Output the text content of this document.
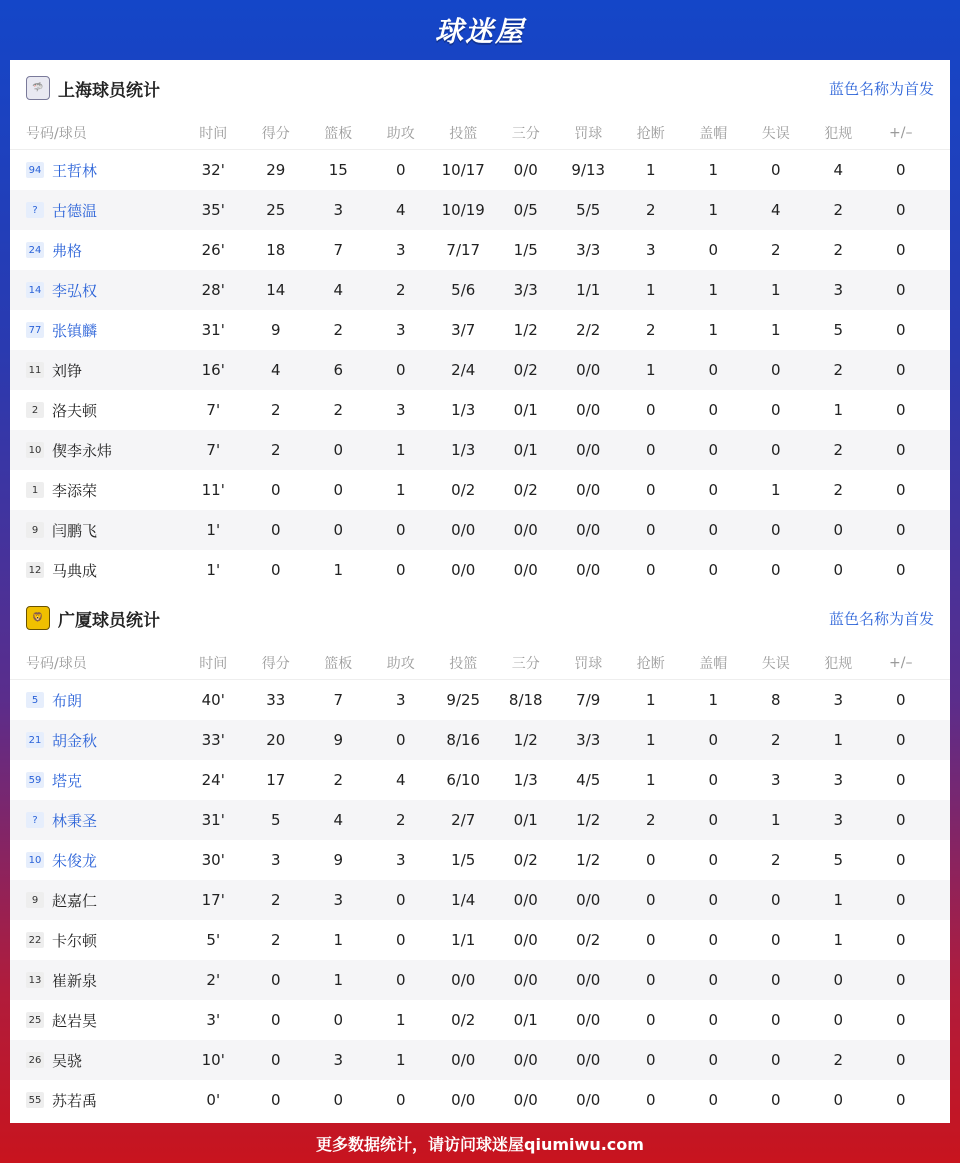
球迷屋
🦈 上海球员统计	蓝色名称为首发
号码/球员	时间	得分	篮板	助攻	投篮	三分	罚球	抢断	盖帽	失误	犯规	+/–
94 王哲林	32'	29	15	0	10/17	0/0	9/13	1	1	0	4	0
? 古德温	35'	25	3	4	10/19	0/5	5/5	2	1	4	2	0
24 弗格	26'	18	7	3	7/17	1/5	3/3	3	0	2	2	0
14 李弘权	28'	14	4	2	5/6	3/3	1/1	1	1	1	3	0
77 张镇麟	31'	9	2	3	3/7	1/2	2/2	2	1	1	5	0
11 刘铮	16'	4	6	0	2/4	0/2	0/0	1	0	0	2	0
2 洛夫顿	7'	2	2	3	1/3	0/1	0/0	0	0	0	1	0
10 偰李永炜	7'	2	0	1	1/3	0/1	0/0	0	0	0	2	0
1 李添荣	11'	0	0	1	0/2	0/2	0/0	0	0	1	2	0
9 闫鹏飞	1'	0	0	0	0/0	0/0	0/0	0	0	0	0	0
12 马典成	1'	0	1	0	0/0	0/0	0/0	0	0	0	0	0
🦁 广厦球员统计	蓝色名称为首发
号码/球员	时间	得分	篮板	助攻	投篮	三分	罚球	抢断	盖帽	失误	犯规	+/–
5 布朗	40'	33	7	3	9/25	8/18	7/9	1	1	8	3	0
21 胡金秋	33'	20	9	0	8/16	1/2	3/3	1	0	2	1	0
59 塔克	24'	17	2	4	6/10	1/3	4/5	1	0	3	3	0
? 林秉圣	31'	5	4	2	2/7	0/1	1/2	2	0	1	3	0
10 朱俊龙	30'	3	9	3	1/5	0/2	1/2	0	0	2	5	0
9 赵嘉仁	17'	2	3	0	1/4	0/0	0/0	0	0	0	1	0
22 卡尔顿	5'	2	1	0	1/1	0/0	0/2	0	0	0	1	0
13 崔新泉	2'	0	1	0	0/0	0/0	0/0	0	0	0	0	0
25 赵岩昊	3'	0	0	1	0/2	0/1	0/0	0	0	0	0	0
26 吴骁	10'	0	3	1	0/0	0/0	0/0	0	0	0	2	0
55 苏若禹	0'	0	0	0	0/0	0/0	0/0	0	0	0	0	0
更多数据统计，请访问球迷屋qiumiwu.com
